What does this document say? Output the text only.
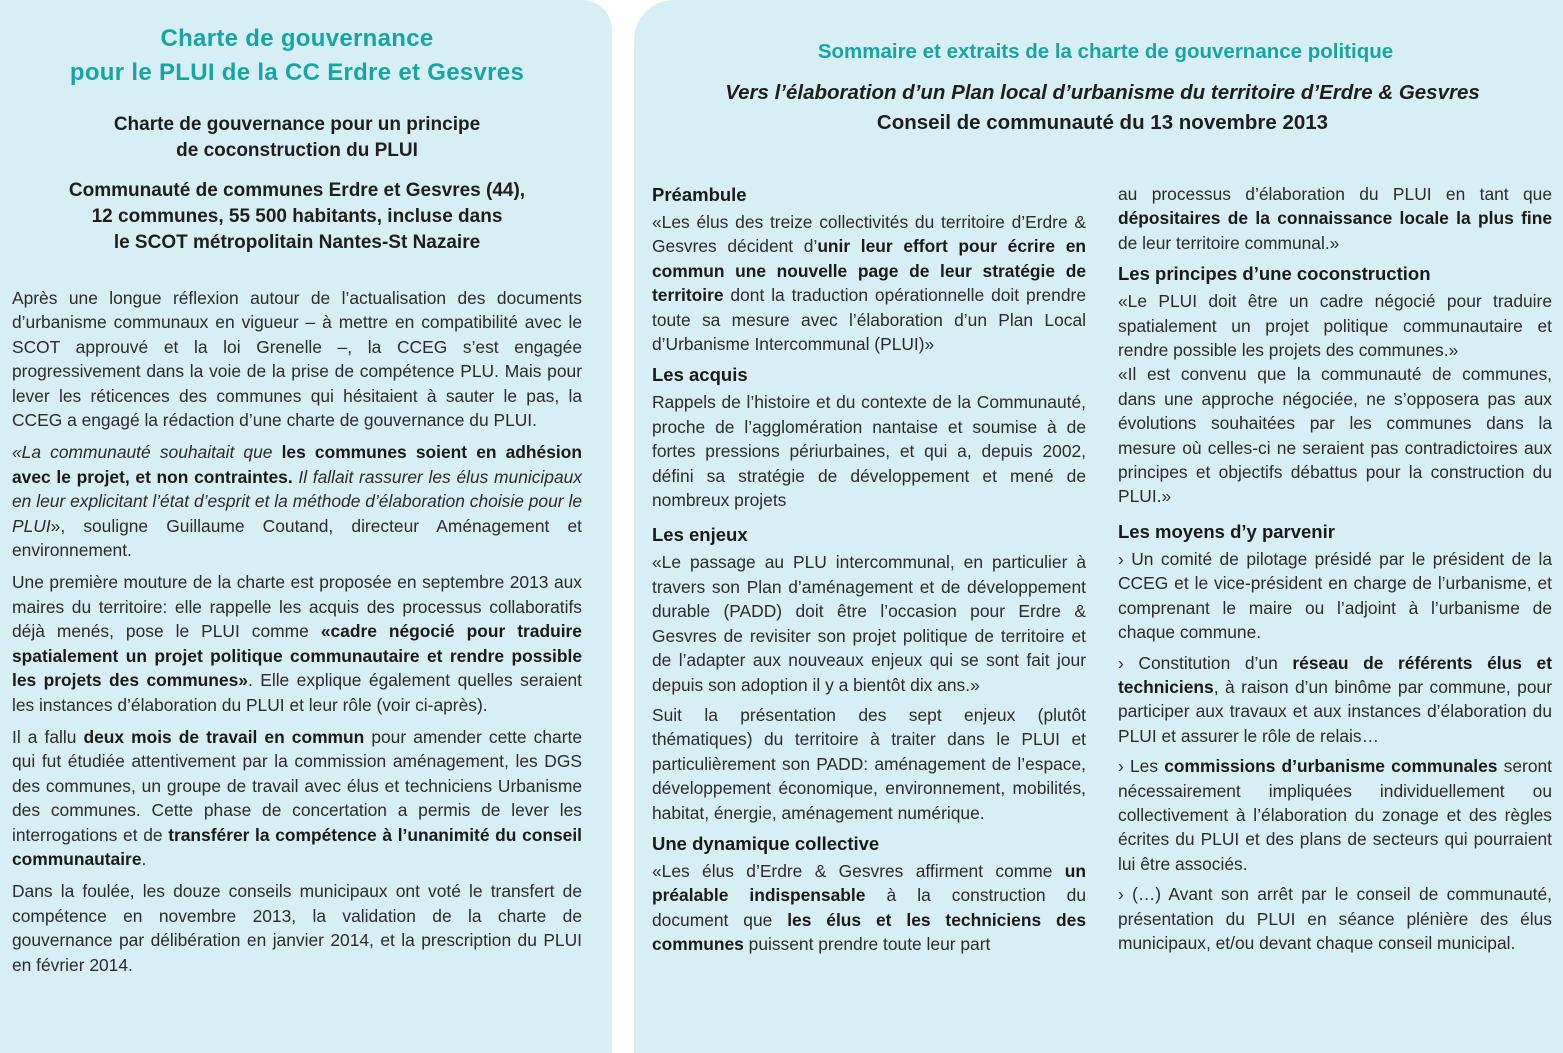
Charte de gouvernance
pour le PLUI de la CC Erdre et Gesvres

Charte de gouvernance pour un principe
de coconstruction du PLUI

Communauté de communes Erdre et Gesvres (44),
12 communes, 55 500 habitants, incluse dans
le SCOT métropolitain Nantes-St Nazaire

Après une longue réflexion autour de l’actualisation des documents d’urbanisme communaux en vigueur – à mettre en compatibilité avec le SCOT approuvé et la loi Grenelle –, la CCEG s’est engagée progressivement dans la voie de la prise de compétence PLU. Mais pour lever les réticences des communes qui hésitaient à sauter le pas, la CCEG a engagé la rédaction d’une charte de gouvernance du PLUI.

«La communauté souhaitait que les communes soient en adhésion avec le projet, et non contraintes. Il fallait rassurer les élus municipaux en leur explicitant l’état d’esprit et la méthode d’élaboration choisie pour le PLUI», souligne Guillaume Coutand, directeur Aménagement et environnement.

Une première mouture de la charte est proposée en septembre 2013 aux maires du territoire: elle rappelle les acquis des processus collaboratifs déjà menés, pose le PLUI comme «cadre négocié pour traduire spatialement un projet politique communautaire et rendre possible les projets des communes». Elle explique également quelles seraient les instances d’élaboration du PLUI et leur rôle (voir ci-après).

Il a fallu deux mois de travail en commun pour amender cette charte qui fut étudiée attentivement par la commission aménagement, les DGS des communes, un groupe de travail avec élus et techniciens Urbanisme des communes. Cette phase de concertation a permis de lever les interrogations et de transférer la compétence à l’unanimité du conseil communautaire.

Dans la foulée, les douze conseils municipaux ont voté le transfert de compétence en novembre 2013, la validation de la charte de gouvernance par délibération en janvier 2014, et la prescription du PLUI en février 2014.

Sommaire et extraits de la charte de gouvernance politique

Vers l’élaboration d’un Plan local d’urbanisme du territoire d’Erdre & Gesvres

Conseil de communauté du 13 novembre 2013

Préambule

«Les élus des treize collectivités du territoire d’Erdre & Gesvres décident d’unir leur effort pour écrire en commun une nouvelle page de leur stratégie de territoire dont la traduction opérationnelle doit prendre toute sa mesure avec l’élaboration d’un Plan Local d’Urbanisme Intercommunal (PLUI)»

Les acquis

Rappels de l’histoire et du contexte de la Communauté, proche de l’agglomération nantaise et soumise à de fortes pressions périurbaines, et qui a, depuis 2002, défini sa stratégie de développement et mené de nombreux projets

Les enjeux

«Le passage au PLU intercommunal, en particulier à travers son Plan d’aménagement et de développement durable (PADD) doit être l’occasion pour Erdre & Gesvres de revisiter son projet politique de territoire et de l’adapter aux nouveaux enjeux qui se sont fait jour depuis son adoption il y a bientôt dix ans.»

Suit la présentation des sept enjeux (plutôt thématiques) du territoire à traiter dans le PLUI et particulièrement son PADD: aménagement de l’espace, développement économique, environnement, mobilités, habitat, énergie, aménagement numérique.

Une dynamique collective

«Les élus d’Erdre & Gesvres affirment comme un préalable indispensable à la construction du document que les élus et les techniciens des communes puissent prendre toute leur part

au processus d’élaboration du PLUI en tant que dépositaires de la connaissance locale la plus fine de leur territoire communal.»

Les principes d’une coconstruction

«Le PLUI doit être un cadre négocié pour traduire spatialement un projet politique communautaire et rendre possible les projets des communes.»

«Il est convenu que la communauté de communes, dans une approche négociée, ne s’opposera pas aux évolutions souhaitées par les communes dans la mesure où celles-ci ne seraient pas contradictoires aux principes et objectifs débattus pour la construction du PLUI.»

Les moyens d’y parvenir

› Un comité de pilotage présidé par le président de la CCEG et le vice-président en charge de l’urbanisme, et comprenant le maire ou l’adjoint à l’urbanisme de chaque commune.

› Constitution d’un réseau de référents élus et techniciens, à raison d’un binôme par commune, pour participer aux travaux et aux instances d’élaboration du PLUI et assurer le rôle de relais…

› Les commissions d’urbanisme communales seront nécessairement impliquées individuellement ou collectivement à l’élaboration du zonage et des règles écrites du PLUI et des plans de secteurs qui pourraient lui être associés.

› (…) Avant son arrêt par le conseil de communauté, présentation du PLUI en séance plénière des élus municipaux, et/ou devant chaque conseil municipal.
